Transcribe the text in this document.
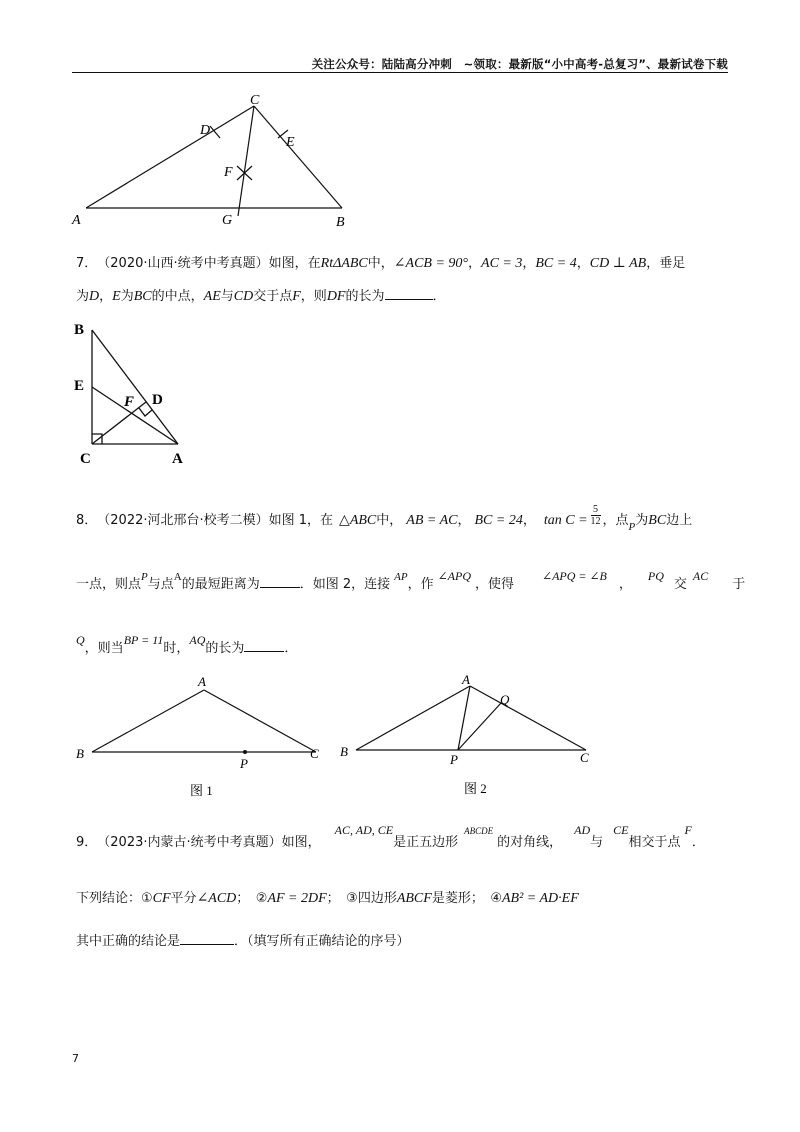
关注公众号：陆陆高分冲刺　~领取：最新版“小中高考-总复习”、最新试卷下载
C
D
E
F
A	G	B
7．（2020·山西·统考中考真题）如图，在RtΔABC中，∠ACB = 90°，AC = 3，BC = 4，CD ⊥ AB，垂足
为D，E为BC的中点，AE与CD交于点F，则DF的长为	．
B
E
F D
C	A
8．（2022·河北邢台·校考二模）如图 1，在 △ABC中， AB = AC， BC = 24， $\tan C = \frac{5}{12}$ ，点P为BC边上
一点，则点P与点A的最短距离为	．如图 2，连接 AP，作∠APQ，使得∠APQ = ∠B，PQ交AC于
Q，则当BP = 11时，AQ的长为	．
A
B	C
P
图 1
A
B	C
P
Q
图 2
9．（2023·内蒙古·统考中考真题）如图，AC, AD, CE是正五边形ABCDE的对角线，AD与CE相交于点F．
下列结论：①CF平分∠ACD；　②AF = 2DF；　③四边形ABCF是菱形；　④AB² = AD·EF
其中正确的结论是	．（填写所有正确结论的序号）
7
